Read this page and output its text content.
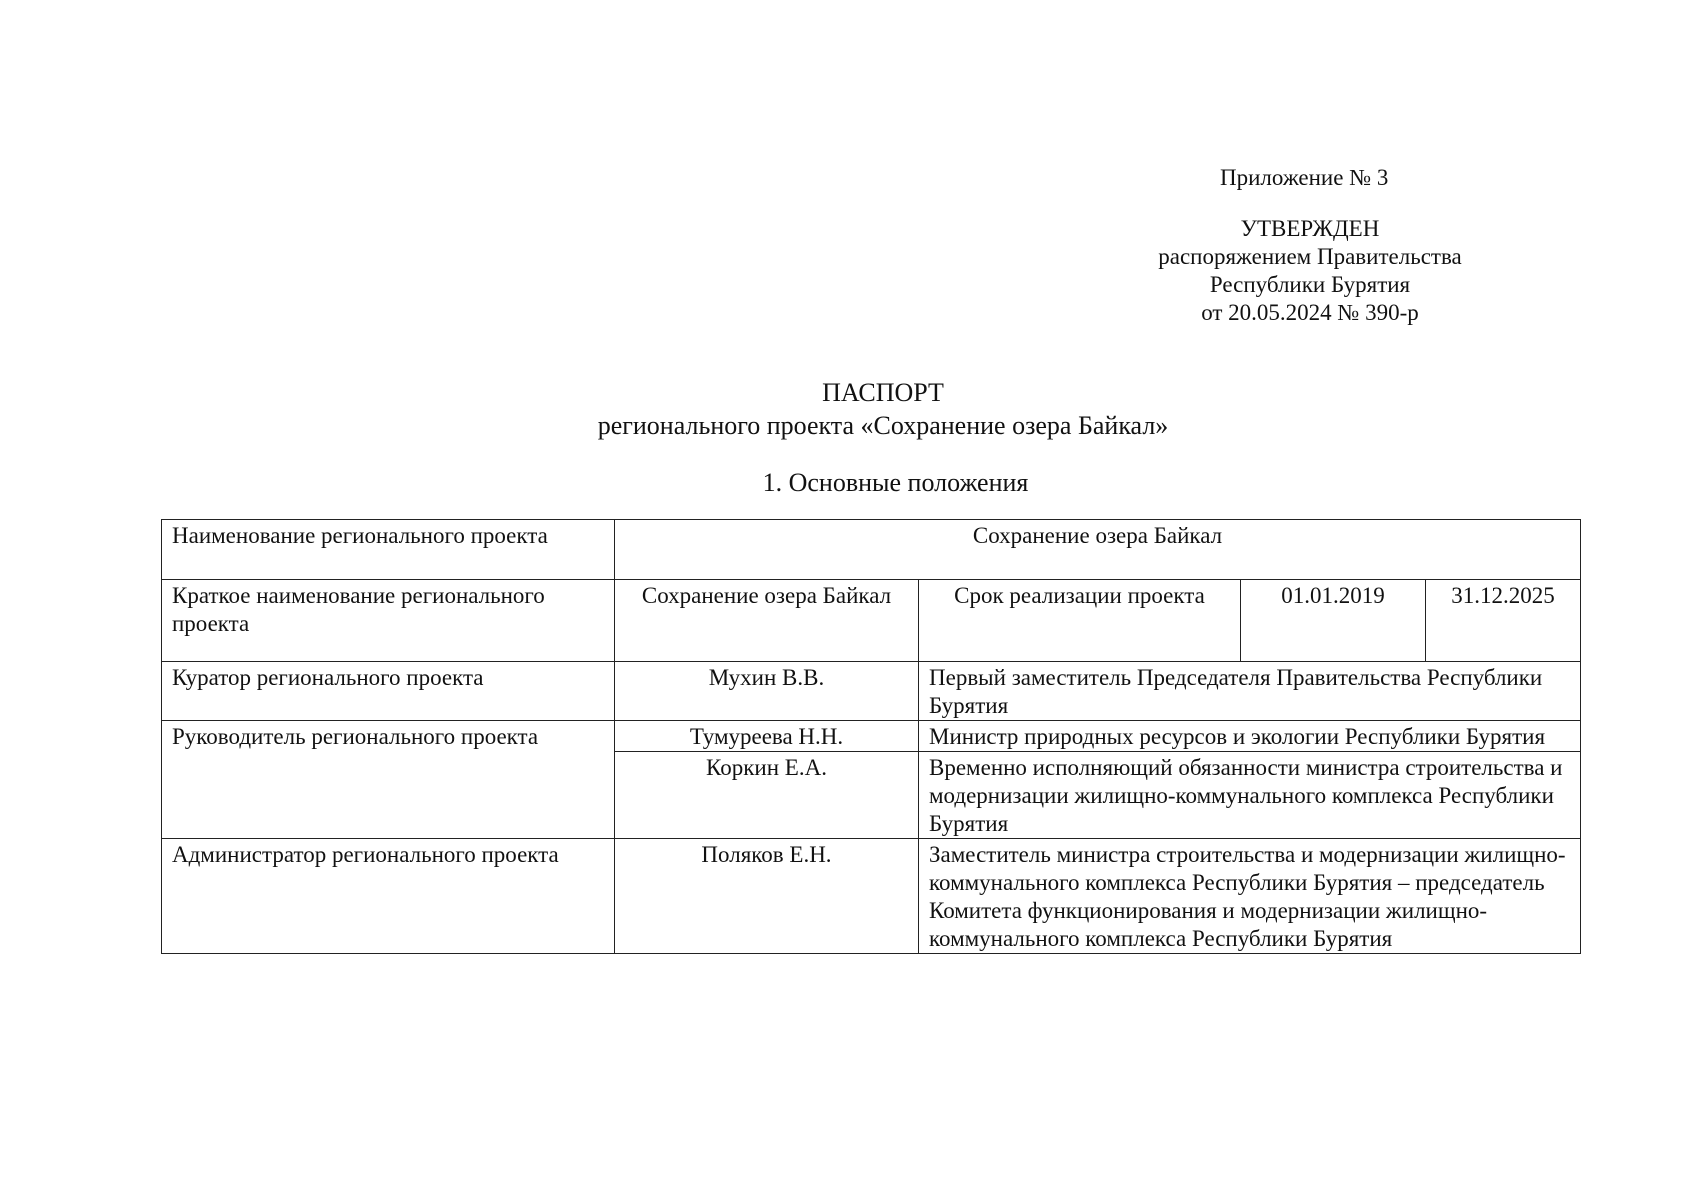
Приложение № 3
УТВЕРЖДЕН
распоряжением Правительства
Республики Бурятия
от 20.05.2024 № 390-р
ПАСПОРТ
регионального проекта «Сохранение озера Байкал»
1. Основные положения
Наименование регионального проекта	Сохранение озера Байкал			
Краткое наименование регионального проекта	Сохранение озера Байкал	Срок реализации проекта	01.01.2019	31.12.2025
Куратор регионального проекта	Мухин В.В.	Первый заместитель Председателя Правительства Республики Бурятия		
Руководитель регионального проекта	Тумуреева Н.Н.	Министр природных ресурсов и экологии Республики Бурятия		
	Коркин Е.А.	Временно исполняющий обязанности министра строительства и модернизации жилищно-коммунального комплекса Республики Бурятия		
Администратор регионального проекта	Поляков Е.Н.	Заместитель министра строительства и модернизации жилищно-коммунального комплекса Республики Бурятия – председатель Комитета функционирования и модернизации жилищно-коммунального комплекса Республики Бурятия		
